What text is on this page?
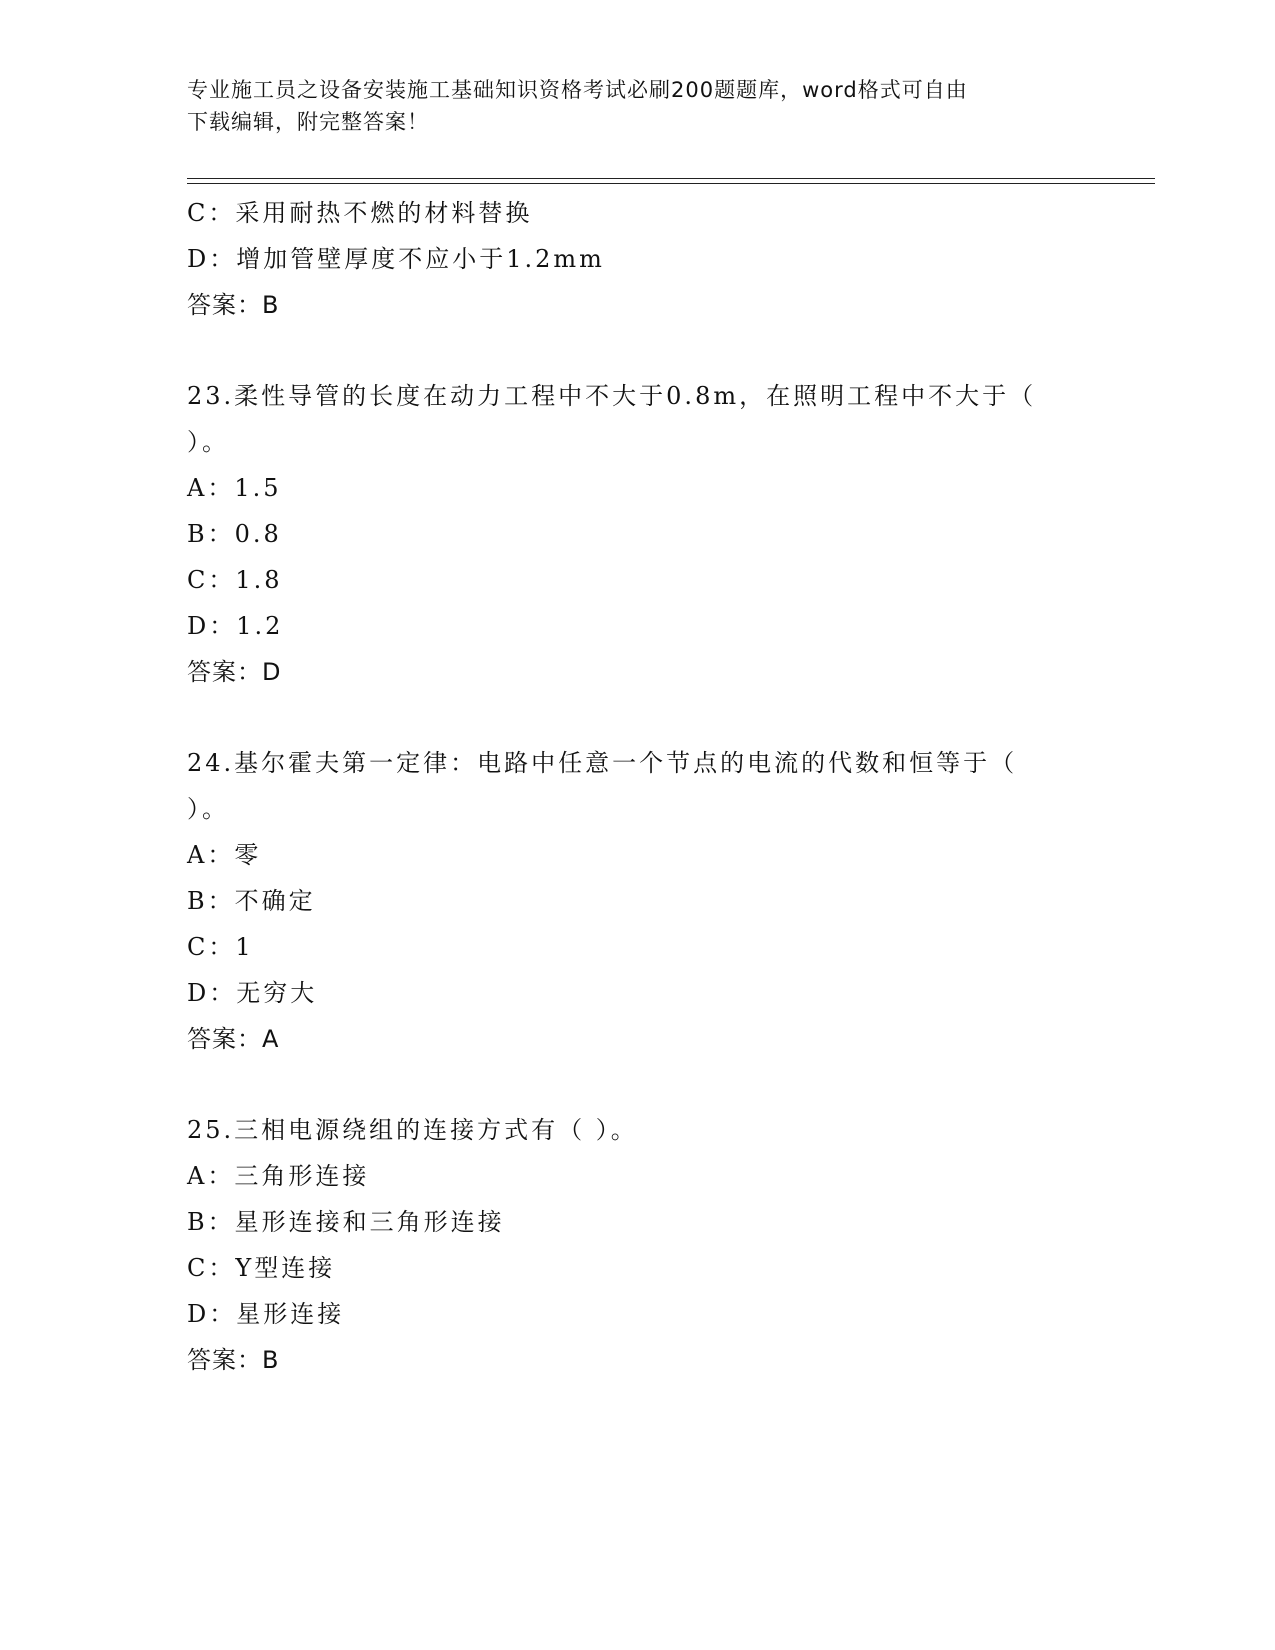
专业施工员之设备安装施工基础知识资格考试必刷200题题库，word格式可自由
下载编辑，附完整答案！
C：采用耐热不燃的材料替换
D：增加管壁厚度不应小于1.2mm
答案：B
23.柔性导管的长度在动力工程中不大于0.8m，在照明工程中不大于（
）。
A：1.5
B：0.8
C：1.8
D：1.2
答案：D
24.基尔霍夫第一定律：电路中任意一个节点的电流的代数和恒等于（
）。
A：零
B：不确定
C：1
D：无穷大
答案：A
25.三相电源绕组的连接方式有（ ）。
A：三角形连接
B：星形连接和三角形连接
C：Y型连接
D：星形连接
答案：B
